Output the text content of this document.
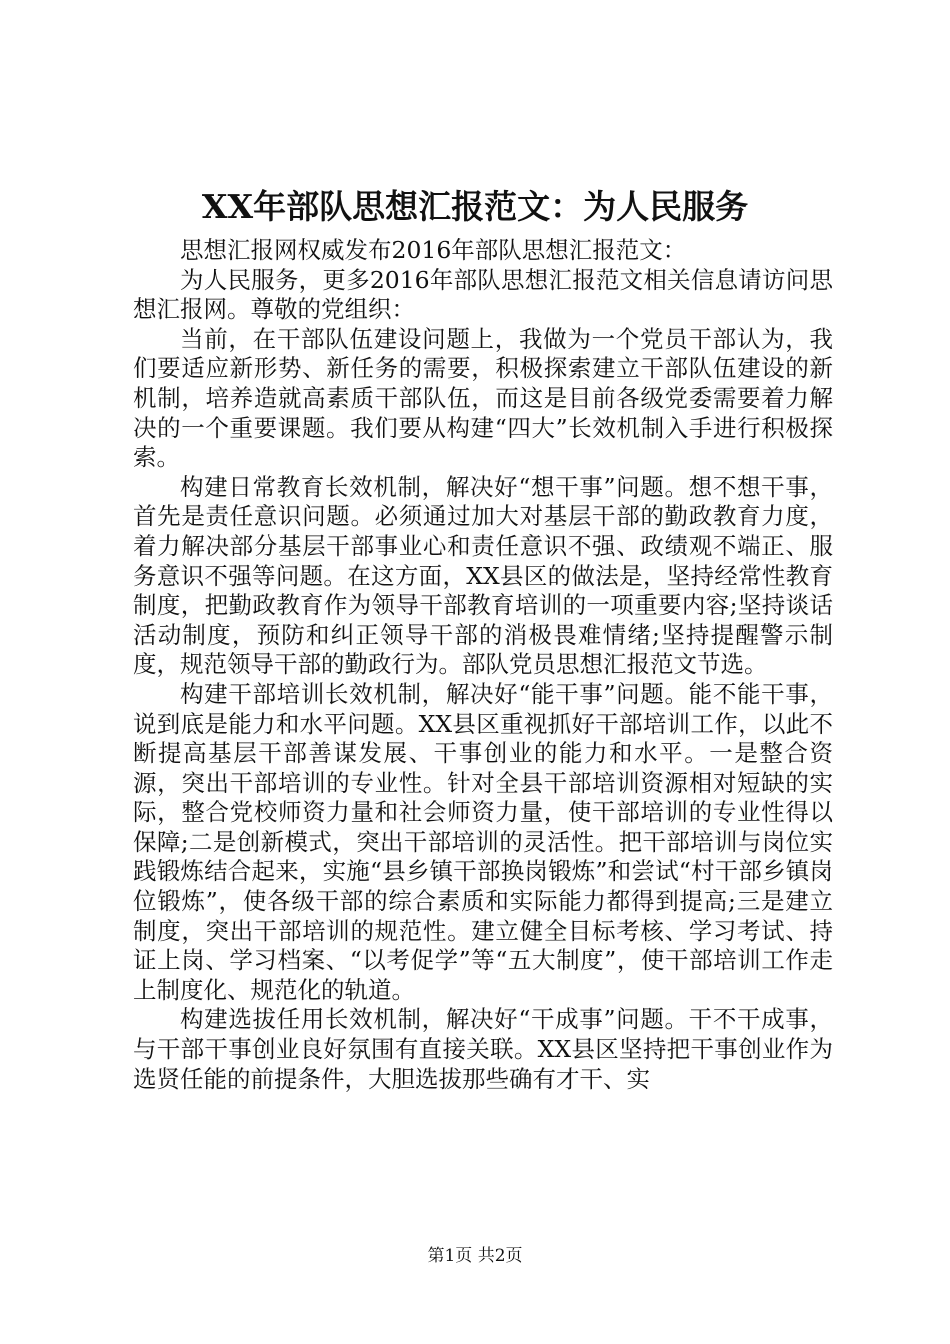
XX年部队思想汇报范文：为人民服务

思想汇报网权威发布2016年部队思想汇报范文：

为人民服务，更多2016年部队思想汇报范文相关信息请访问思想汇报网。尊敬的党组织：

当前，在干部队伍建设问题上，我做为一个党员干部认为，我们要适应新形势、新任务的需要，积极探索建立干部队伍建设的新机制，培养造就高素质干部队伍，而这是目前各级党委需要着力解决的一个重要课题。我们要从构建“四大”长效机制入手进行积极探索。

构建日常教育长效机制，解决好“想干事”问题。想不想干事，首先是责任意识问题。必须通过加大对基层干部的勤政教育力度，着力解决部分基层干部事业心和责任意识不强、政绩观不端正、服务意识不强等问题。在这方面，XX县区的做法是，坚持经常性教育制度，把勤政教育作为领导干部教育培训的一项重要内容;坚持谈话活动制度，预防和纠正领导干部的消极畏难情绪;坚持提醒警示制度，规范领导干部的勤政行为。部队党员思想汇报范文节选。

构建干部培训长效机制，解决好“能干事”问题。能不能干事，说到底是能力和水平问题。XX县区重视抓好干部培训工作，以此不断提高基层干部善谋发展、干事创业的能力和水平。一是整合资源，突出干部培训的专业性。针对全县干部培训资源相对短缺的实际，整合党校师资力量和社会师资力量，使干部培训的专业性得以保障;二是创新模式，突出干部培训的灵活性。把干部培训与岗位实践锻炼结合起来，实施“县乡镇干部换岗锻炼”和尝试“村干部乡镇岗位锻炼”，使各级干部的综合素质和实际能力都得到提高;三是建立制度，突出干部培训的规范性。建立健全目标考核、学习考试、持证上岗、学习档案、“以考促学”等“五大制度”，使干部培训工作走上制度化、规范化的轨道。

构建选拔任用长效机制，解决好“干成事”问题。干不干成事，与干部干事创业良好氛围有直接关联。XX县区坚持把干事创业作为选贤任能的前提条件，大胆选拔那些确有才干、实

第1页 共2页
